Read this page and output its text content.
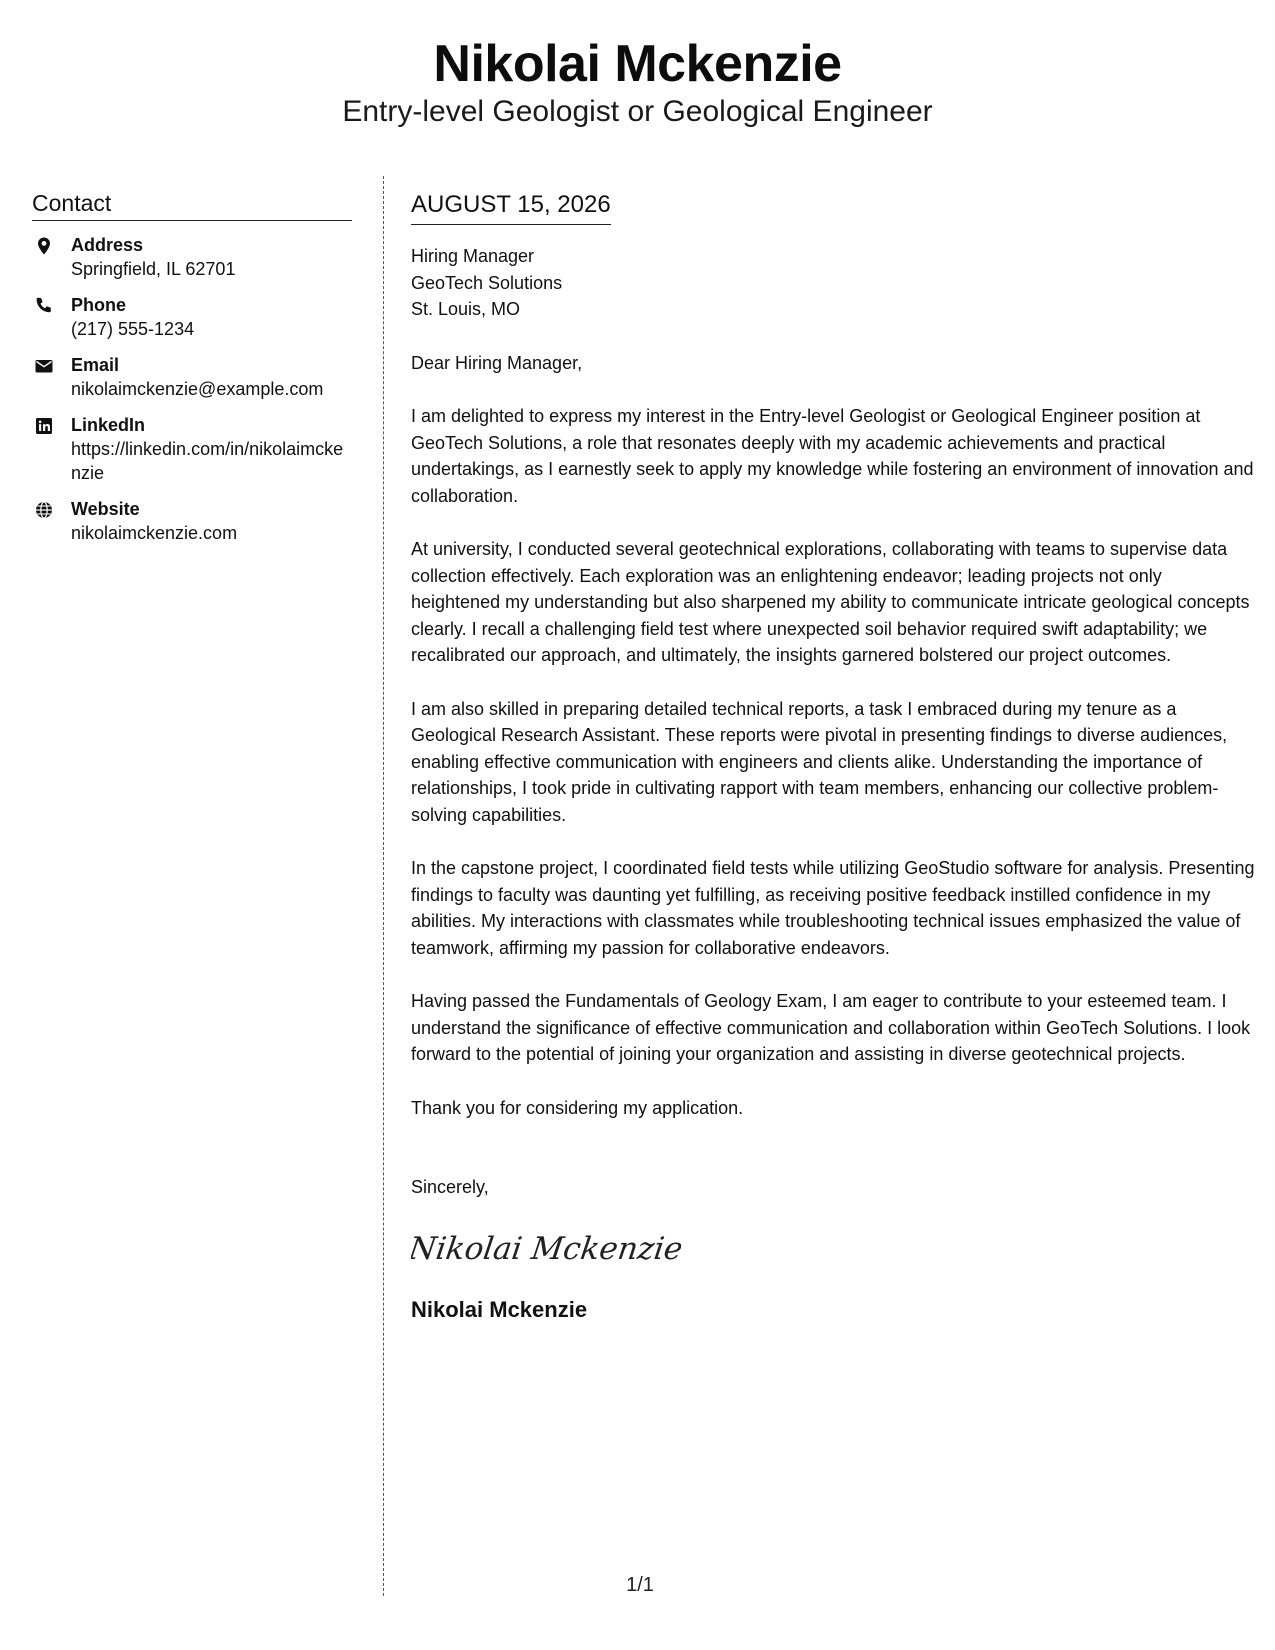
Nikolai Mckenzie
Entry-level Geologist or Geological Engineer
Contact
Address
Springfield, IL 62701
Phone
(217) 555-1234
Email
nikolaimckenzie@example.com
LinkedIn
https://linkedin.com/in/nikolaimckenzie
Website
nikolaimckenzie.com
AUGUST 15, 2026
Hiring Manager
GeoTech Solutions
St. Louis, MO
Dear Hiring Manager,
I am delighted to express my interest in the Entry-level Geologist or Geological Engineer position at GeoTech Solutions, a role that resonates deeply with my academic achievements and practical undertakings, as I earnestly seek to apply my knowledge while fostering an environment of innovation and collaboration.
At university, I conducted several geotechnical explorations, collaborating with teams to supervise data collection effectively. Each exploration was an enlightening endeavor; leading projects not only heightened my understanding but also sharpened my ability to communicate intricate geological concepts clearly. I recall a challenging field test where unexpected soil behavior required swift adaptability; we recalibrated our approach, and ultimately, the insights garnered bolstered our project outcomes.
I am also skilled in preparing detailed technical reports, a task I embraced during my tenure as a Geological Research Assistant. These reports were pivotal in presenting findings to diverse audiences, enabling effective communication with engineers and clients alike. Understanding the importance of relationships, I took pride in cultivating rapport with team members, enhancing our collective problem-solving capabilities.
In the capstone project, I coordinated field tests while utilizing GeoStudio software for analysis. Presenting findings to faculty was daunting yet fulfilling, as receiving positive feedback instilled confidence in my abilities. My interactions with classmates while troubleshooting technical issues emphasized the value of teamwork, affirming my passion for collaborative endeavors.
Having passed the Fundamentals of Geology Exam, I am eager to contribute to your esteemed team. I understand the significance of effective communication and collaboration within GeoTech Solutions. I look forward to the potential of joining your organization and assisting in diverse geotechnical projects.
Thank you for considering my application.
Sincerely,
Nikolai Mckenzie
Nikolai Mckenzie
1/1
